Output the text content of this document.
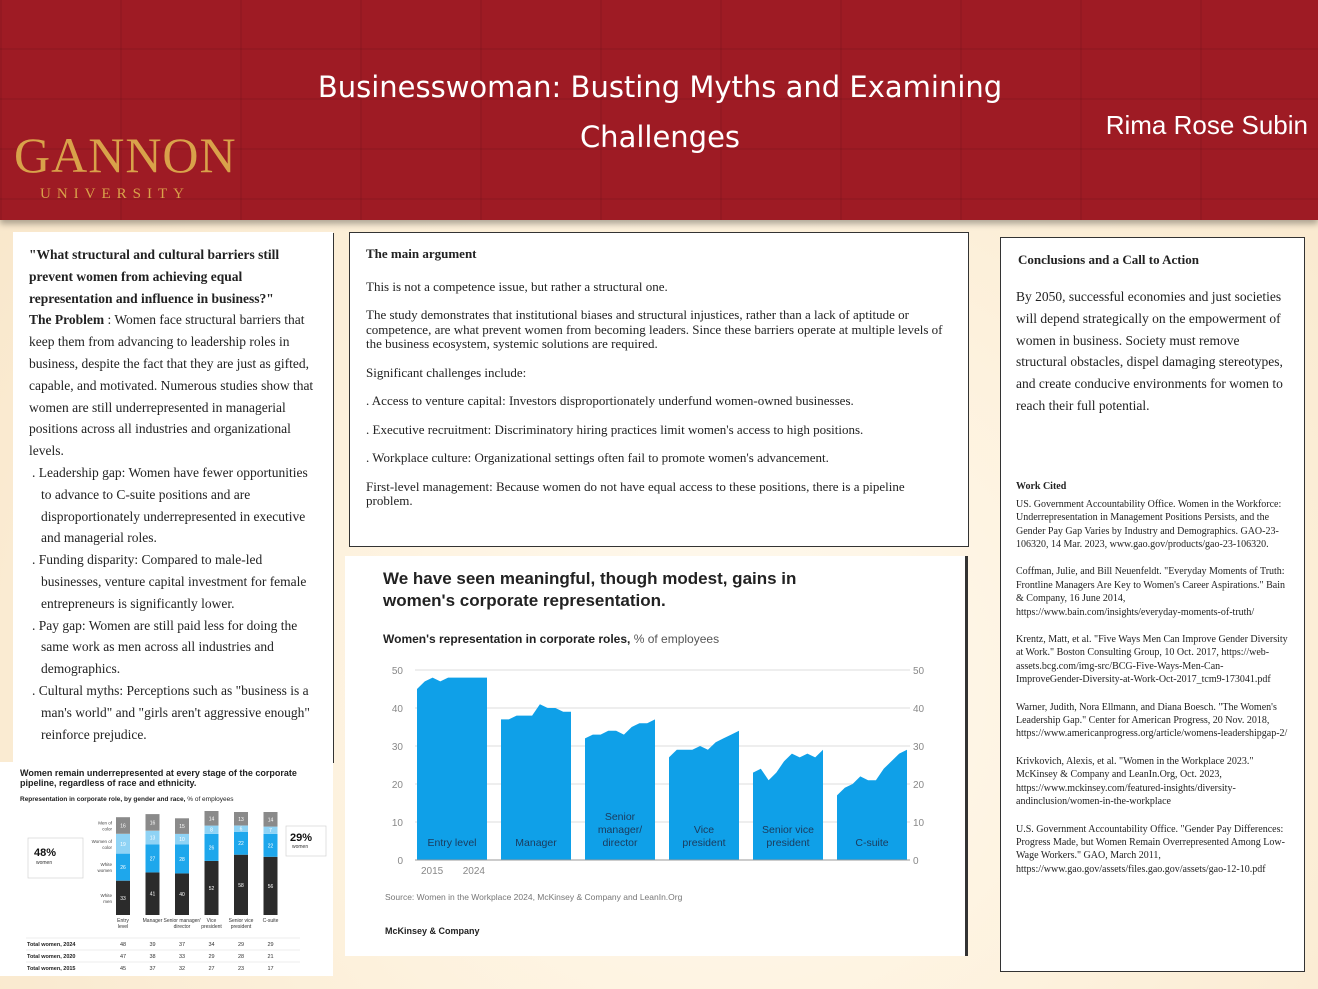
GANNON
UNIVERSITY
Businesswoman: Busting Myths and Examining
Challenges	Rima Rose Subin

"What structural and cultural barriers still prevent women from achieving equal representation and influence in business?"

The Problem : Women face structural barriers that keep them from advancing to leadership roles in business, despite the fact that they are just as gifted, capable, and motivated. Numerous studies show that women are still underrepresented in managerial positions across all industries and organizational levels.

. Leadership gap: Women have fewer opportunities to advance to C-suite positions and are disproportionately underrepresented in executive and managerial roles.

. Funding disparity: Compared to male-led businesses, venture capital investment for female entrepreneurs is significantly lower.

. Pay gap: Women are still paid less for doing the same work as men across all industries and demographics.

. Cultural myths: Perceptions such as "business is a man's world" and "girls aren't aggressive enough" reinforce prejudice.

The main argument

This is not a competence issue, but rather a structural one.

The study demonstrates that institutional biases and structural injustices, rather than a lack of aptitude or competence, are what prevent women from becoming leaders. Since these barriers operate at multiple levels of the business ecosystem, systemic solutions are required.

Significant challenges include:

. Access to venture capital: Investors disproportionately underfund women-owned businesses.

. Executive recruitment: Discriminatory hiring practices limit women's access to high positions.

. Workplace culture: Organizational settings often fail to promote women's advancement.

First-level management: Because women do not have equal access to these positions, there is a pipeline problem.

Conclusions and a Call to Action

By 2050, successful economies and just societies will depend strategically on the empowerment of women in business. Society must remove structural obstacles, dispel damaging stereotypes, and create conducive environments for women to reach their full potential.

Work Cited

US. Government Accountability Office. Women in the Workforce: Underrepresentation in Management Positions Persists, and the Gender Pay Gap Varies by Industry and Demographics. GAO-23-106320, 14 Mar. 2023, www.gao.gov/products/gao-23-106320.

Coffman, Julie, and Bill Neuenfeldt. "Everyday Moments of Truth: Frontline Managers Are Key to Women's Career Aspirations." Bain & Company, 16 June 2014, https://www.bain.com/insights/everyday-moments-of-truth/

Krentz, Matt, et al. "Five Ways Men Can Improve Gender Diversity at Work." Boston Consulting Group, 10 Oct. 2017, https://web-assets.bcg.com/img-src/BCG-Five-Ways-Men-Can-ImproveGender-Diversity-at-Work-Oct-2017_tcm9-173041.pdf

Warner, Judith, Nora Ellmann, and Diana Boesch. "The Women's Leadership Gap." Center for American Progress, 20 Nov. 2018, https://www.americanprogress.org/article/womens-leadershipgap-2/

Krivkovich, Alexis, et al. "Women in the Workplace 2023." McKinsey & Company and LeanIn.Org, Oct. 2023, https://www.mckinsey.com/featured-insights/diversity-andinclusion/women-in-the-workplace

U.S. Government Accountability Office. "Gender Pay Differences: Progress Made, but Women Remain Overrepresented Among Low-Wage Workers." GAO, March 2011, https://www.gao.gov/assets/files.gao.gov/assets/gao-12-10.pdf

Women remain underrepresented at every stage of the corporate pipeline, regardless of race and ethnicity.
Representation in corporate role, by gender and race, % of employees
33
26
19
16
Entry
level
41
27
13
16
Manager
40
28
10
15
Senior manager/
director
52
26
8
14
Vice
president
58
22
6
13
Senior vice
president
56
22
7
14
C-suite
White
men
White
women
Women of
color
Men of
color
48%
women
29%
women
Total women, 2024	48	39	37	34	29	29
Total women, 2020	47	38	33	29	28	21
Total women, 2015	45	37	32	27	23	17
We have seen meaningful, though modest, gains in women's corporate representation.
Women's representation in corporate roles, % of employees
0	0
10	10
20	20
30	30
40	40
50	50
Entry level	Manager
Senior
manager/
director
Vice
president
Senior vice
president	C-suite
2015 2024
Source: Women in the Workplace 2024, McKinsey & Company and LeanIn.Org
McKinsey & Company
